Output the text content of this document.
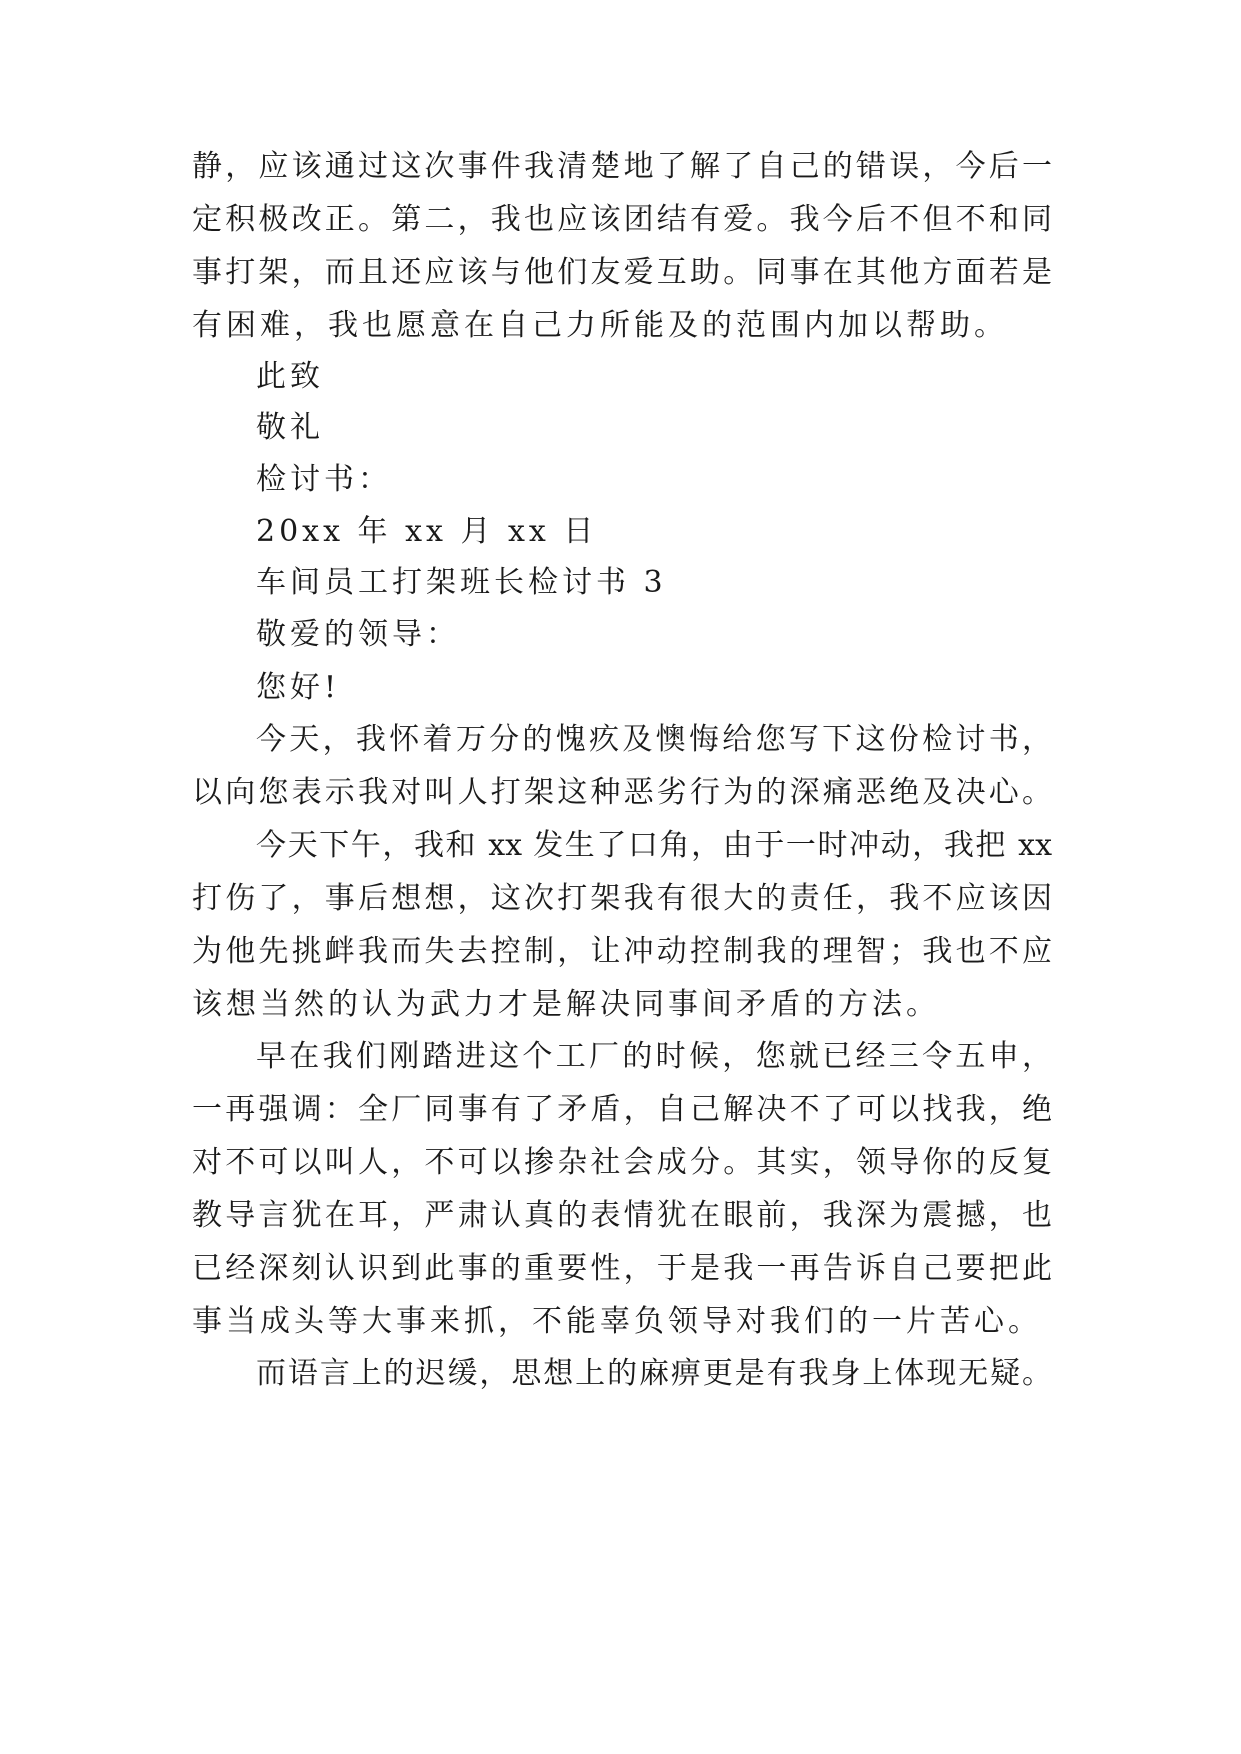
静，应该通过这次事件我清楚地了解了自己的错误，今后一
定积极改正。第二，我也应该团结有爱。我今后不但不和同
事打架，而且还应该与他们友爱互助。同事在其他方面若是
有困难，我也愿意在自己力所能及的范围内加以帮助。
此致
敬礼
检讨书：
20xx 年 xx 月 xx 日
车间员工打架班长检讨书 3
敬爱的领导：
您好!
今天，我怀着万分的愧疚及懊悔给您写下这份检讨书，
以向您表示我对叫人打架这种恶劣行为的深痛恶绝及决心。
今天下午，我和 xx 发生了口角，由于一时冲动，我把 xx
打伤了，事后想想，这次打架我有很大的责任，我不应该因
为他先挑衅我而失去控制，让冲动控制我的理智；我也不应
该想当然的认为武力才是解决同事间矛盾的方法。
早在我们刚踏进这个工厂的时候，您就已经三令五申，
一再强调：全厂同事有了矛盾，自己解决不了可以找我，绝
对不可以叫人，不可以掺杂社会成分。其实，领导你的反复
教导言犹在耳，严肃认真的表情犹在眼前，我深为震撼，也
已经深刻认识到此事的重要性，于是我一再告诉自己要把此
事当成头等大事来抓，不能辜负领导对我们的一片苦心。
而语言上的迟缓，思想上的麻痹更是有我身上体现无疑。
